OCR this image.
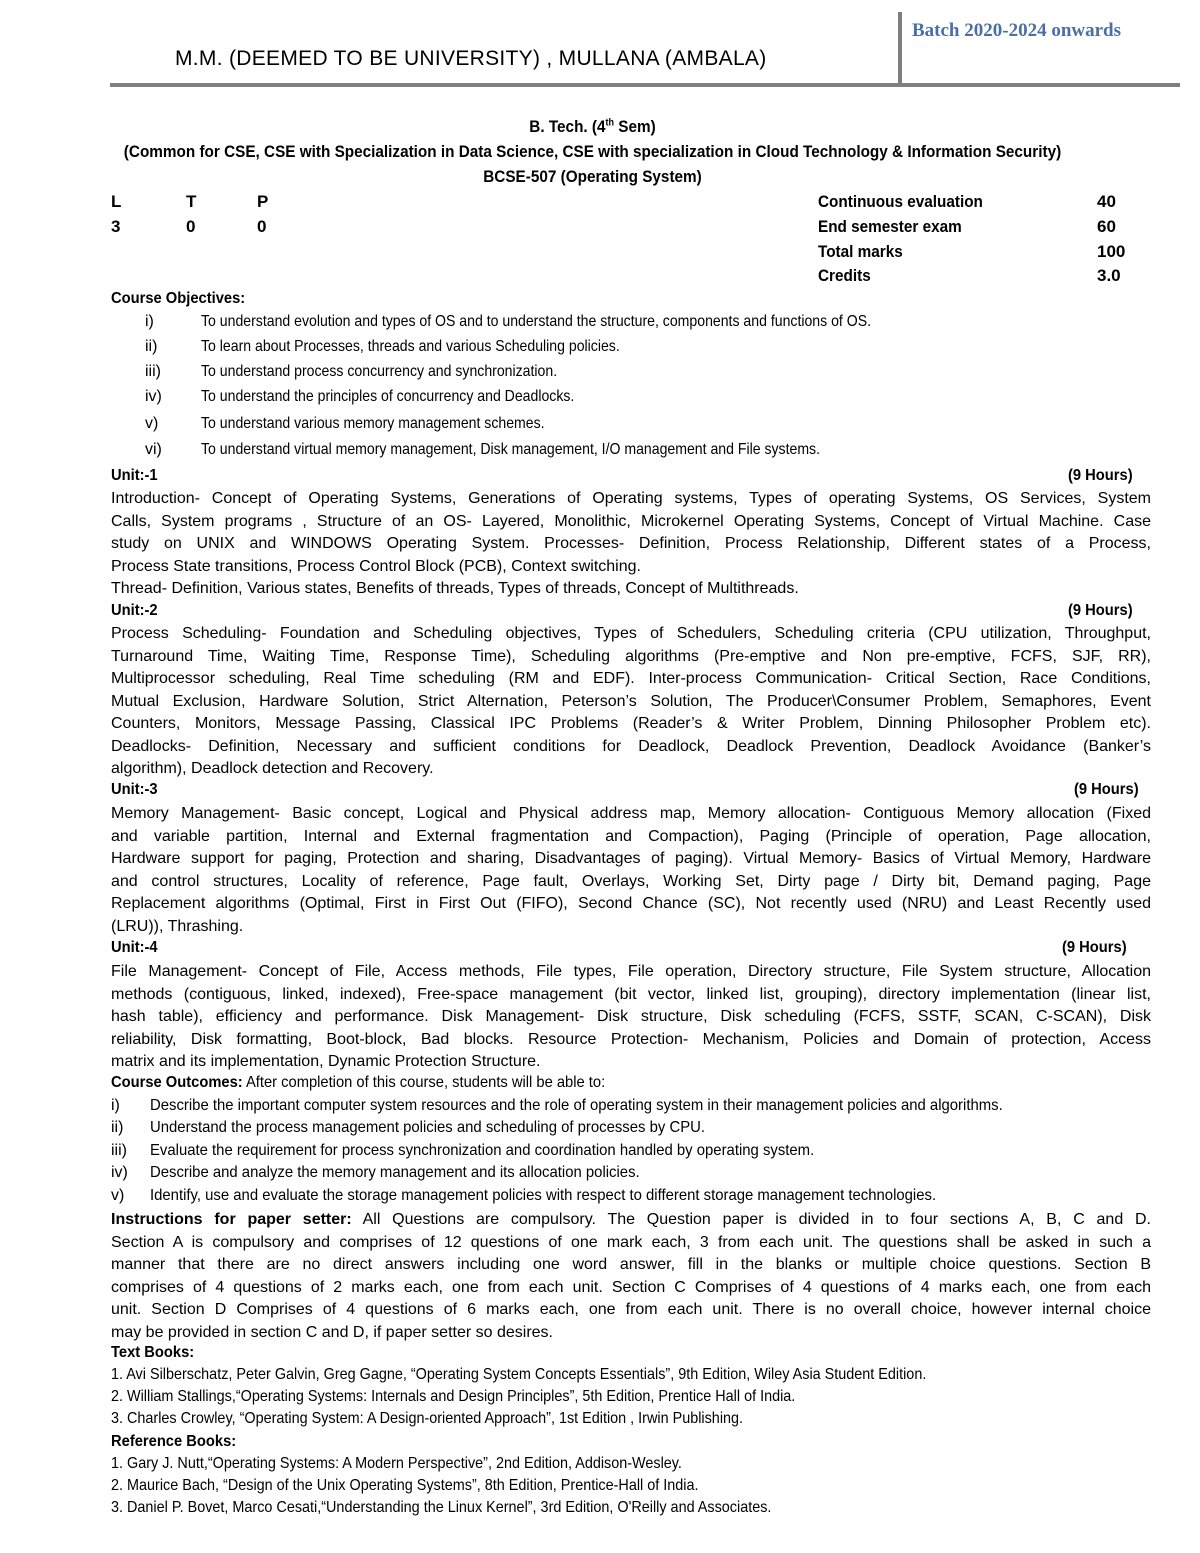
M.M. (DEEMED TO BE UNIVERSITY) , MULLANA (AMBALA)
Batch 2020-2024 onwards
B. Tech. (4th Sem)
(Common for CSE, CSE with Specialization in Data Science, CSE with specialization in Cloud Technology & Information Security)
BCSE-507 (Operating System)
L	T	P
3	0	0
Continuous evaluation	40
End semester exam	60
Total marks	100
Credits	3.0
Course Objectives:
i)	To understand evolution and types of OS and to understand the structure, components and functions of OS.
ii)	To learn about Processes, threads and various Scheduling policies.
iii)	To understand process concurrency and synchronization.
iv) To understand the principles of concurrency and Deadlocks.
v)	To understand various memory management schemes.
vi) To understand virtual memory management, Disk management, I/O management and File systems.
Unit:-1	(9 Hours)
Introduction- Concept of Operating Systems, Generations of Operating systems, Types of operating Systems, OS Services, System
Calls, System programs , Structure of an OS- Layered, Monolithic, Microkernel Operating Systems, Concept of Virtual Machine. Case
study on UNIX and WINDOWS Operating System. Processes- Definition, Process Relationship, Different states of a Process,
Process State transitions, Process Control Block (PCB), Context switching.
Thread- Definition, Various states, Benefits of threads, Types of threads, Concept of Multithreads.
Unit:-2	(9 Hours)
Process Scheduling- Foundation and Scheduling objectives, Types of Schedulers, Scheduling criteria (CPU utilization, Throughput,
Turnaround Time, Waiting Time, Response Time), Scheduling algorithms (Pre-emptive and Non pre-emptive, FCFS, SJF, RR),
Multiprocessor scheduling, Real Time scheduling (RM and EDF). Inter-process Communication- Critical Section, Race Conditions,
Mutual Exclusion, Hardware Solution, Strict Alternation, Peterson’s Solution, The Producer\Consumer Problem, Semaphores, Event
Counters, Monitors, Message Passing, Classical IPC Problems (Reader’s & Writer Problem, Dinning Philosopher Problem etc).
Deadlocks- Definition, Necessary and sufficient conditions for Deadlock, Deadlock Prevention, Deadlock Avoidance (Banker’s
algorithm), Deadlock detection and Recovery.
Unit:-3	(9 Hours)
Memory Management- Basic concept, Logical and Physical address map, Memory allocation- Contiguous Memory allocation (Fixed
and variable partition, Internal and External fragmentation and Compaction), Paging (Principle of operation, Page allocation,
Hardware support for paging, Protection and sharing, Disadvantages of paging). Virtual Memory- Basics of Virtual Memory, Hardware
and control structures, Locality of reference, Page fault, Overlays, Working Set, Dirty page / Dirty bit, Demand paging, Page
Replacement algorithms (Optimal, First in First Out (FIFO), Second Chance (SC), Not recently used (NRU) and Least Recently used
(LRU)), Thrashing.
Unit:-4	(9 Hours)
File Management- Concept of File, Access methods, File types, File operation, Directory structure, File System structure, Allocation
methods (contiguous, linked, indexed), Free-space management (bit vector, linked list, grouping), directory implementation (linear list,
hash table), efficiency and performance. Disk Management- Disk structure, Disk scheduling (FCFS, SSTF, SCAN, C-SCAN), Disk
reliability, Disk formatting, Boot-block, Bad blocks. Resource Protection- Mechanism, Policies and Domain of protection, Access
matrix and its implementation, Dynamic Protection Structure.
Course Outcomes: After completion of this course, students will be able to:
i) Describe the important computer system resources and the role of operating system in their management policies and algorithms.
ii) Understand the process management policies and scheduling of processes by CPU.
iii) Evaluate the requirement for process synchronization and coordination handled by operating system.
iv) Describe and analyze the memory management and its allocation policies.
v) Identify, use and evaluate the storage management policies with respect to different storage management technologies.
Instructions for paper setter: All Questions are compulsory. The Question paper is divided in to four sections A, B, C and D.
Section A is compulsory and comprises of 12 questions of one mark each, 3 from each unit. The questions shall be asked in such a
manner that there are no direct answers including one word answer, fill in the blanks or multiple choice questions. Section B
comprises of 4 questions of 2 marks each, one from each unit. Section C Comprises of 4 questions of 4 marks each, one from each
unit. Section D Comprises of 4 questions of 6 marks each, one from each unit. There is no overall choice, however internal choice
may be provided in section C and D, if paper setter so desires.
Text Books:
1. Avi Silberschatz, Peter Galvin, Greg Gagne, “Operating System Concepts Essentials”, 9th Edition, Wiley Asia Student Edition.
2. William Stallings,“Operating Systems: Internals and Design Principles”, 5th Edition, Prentice Hall of India.
3. Charles Crowley, “Operating System: A Design-oriented Approach”, 1st Edition , Irwin Publishing.
Reference Books:
1. Gary J. Nutt,“Operating Systems: A Modern Perspective”, 2nd Edition, Addison-Wesley.
2. Maurice Bach, “Design of the Unix Operating Systems”, 8th Edition, Prentice-Hall of India.
3. Daniel P. Bovet, Marco Cesati,“Understanding the Linux Kernel”, 3rd Edition, O'Reilly and Associates.
